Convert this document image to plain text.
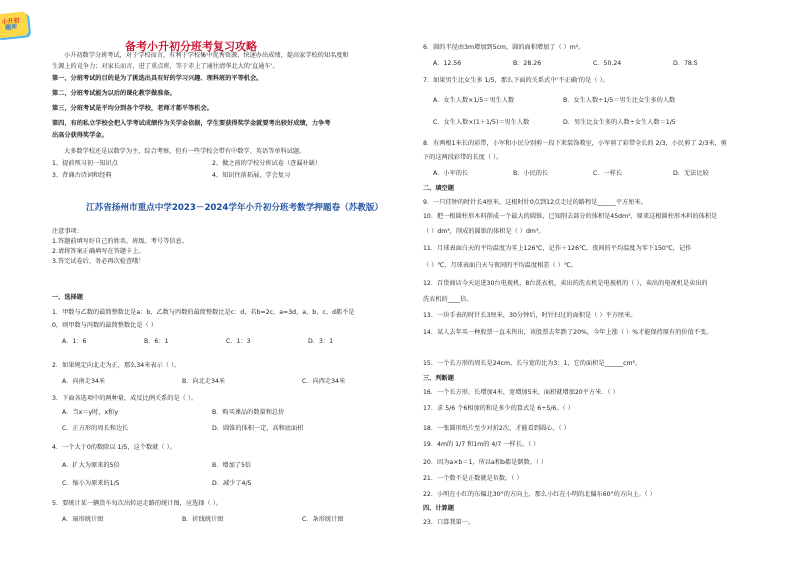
小升初
题库
备考小升初分班考复习攻略
小升初数学分班考试，对于学校而言，有利于学校集中优秀资源，快速办出成绩，提高家学校的知名度和
生源上的竞争力；对家长而言，进了重点班，等于赤上了通往清华北大的‘直通车’。
第一，分班考试的目的是为了挑选出具有好的学习兴趣、理科班的平等机会。
第二，分班考试能为以后的课化教学做准备。
第三，分班考试是平均分到各个学校，老师才都平等机会。
第四，有的私立学校会把入学考试成绩作为关学金依据，学生要获得奖学金就要考出较好成绩，力争考
出高分获得奖学金。
大多数学校还是以数学为主，综合考察，但有一些学校会带有中数学、英语等单科试题。
1、提前预习初一知识点	2、做之前的学校分班试卷（查漏补缺）
3、背诵古诗词和经典	4、知识往前拓展，学会复习
江苏省扬州市重点中学2023－2024学年小升初分班考数学押题卷（苏教版）
注意事项：
1.答题前填写好自己的姓名、班级、考号等信息。
2.请将答案正确填写在答题卡上。
3.答完试卷后，务必再次检查哦！
一、选择题
1．甲数与乙数的最简整数比是a：b，乙数与丙数的最简整数比是c：d，若b=2c，a=3d，a、b、c、d都不是
0，则甲数与丙数的最简整数比是（ ）
A．1：6	B．6：1	C．1：3	D．3：1
2．如果规定向北走为正，那么34米表示（ ）。
A．向南走34米	B．向北走34米	C．向西走34米
3．下面各选项中的两种量，成反比例关系的是（ ）。
A．当x＝y时，x和y	B．购买课品的数量和总价
C．正方形的周长和边长	D．圆锥的体积一定，高和底面积
4．一个大于0的数除以 1/5，这个数就（ ）。
A．扩大为原来的5倍	B．增加了5倍
C．缩小为原来的1/5	D．减少了4/5
5．要统计某一辆货车每次出转运走路的统计图，应选择（ ）。
A．扇形统计图	B．折线统计图	C．条形统计图
6．圆的半径由3m增加到5cm，圆的面积增加了（ ）m²。
A．12.56	B．28.26	C．50.24	D．78.5
7．如果男生比女生多 1/5，那么下面的关系式中‘不正确’的是（ ）。
A．女生人数×1/5＝男生人数	B．女生人数÷1/5＝男生比女生多的人数
C．女生人数×(1＋1/5)＝男生人数	D．男生比女生多的人数÷女生人数＝1/5
8．有两根1米长的彩带，小军和小民分别剪一段下来装饰教室，小军剪了彩带全长的 2/3，小民剪了 2/3米，剪
下的这两段彩带的长度（ ）。
A．小军的长	B．小民的长	C．一样长	D．无法比较
二、填空题
9．一只挂钟的时针长4厘米，这根时针0点到12点走过的路程是______平方厘米。
10．把一根圆柱形木料削成一个最大的圆锥，已知削去部分的体积是45dm³，原来这根圆柱形木料的体积是
（ ）dm³，削成的圆锥的体积是（ ）dm³。
11．月球表面白天的平均温度为零上126℃，记作＋126℃，夜间的平均温度为零下150℃，记作
（ ）℃，月球表面白天与夜间的平均温度相差（ ）℃。
12．百货商店今天运进30台电视机，8台洗衣机，卖出的洗衣机是电视机的（ ），卖出的电视机是卖出的
洗衣机的____倍。
13．一块手表的时针长3厘米，30分钟后，时针扫过的面积是（ ）平方厘米。
14．某人去年买一种股票一直未售出，该股票去年跌了20%，今年上涨（ ）%才能保持原有的价值不变。
15．一个长方形的周长是24cm，长与宽的比为3：1，它的面积是______cm²。
三、判断题
16．一个长方形，长增加4米，宽增加5米，面积就增加20平方米．（ ）
17．求 5/6 个6相加的和是多少的算式是 6÷5/6。（ ）
18．一张圆形纸片至少对折2次，才能看到圆心。（ ）
19．4m的 1/7 和1m的 4/7 一样长。（ ）
20．因为a×b＝1，所以a和b都是倒数。（ ）
21．一个数不是正数就是负数。（ ）
22．小明在小红的东偏北30°的方向上，那么小红在小明的北偏东60°的方向上。（ ）
四、计算题
23．口算我第一。
